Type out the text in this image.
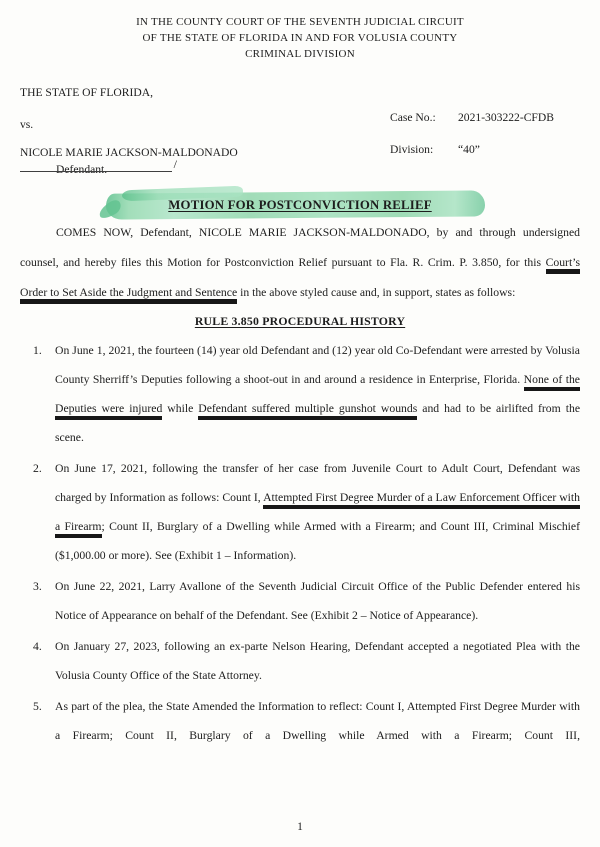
IN THE COUNTY COURT OF THE SEVENTH JUDICIAL CIRCUIT
OF THE STATE OF FLORIDA IN AND FOR VOLUSIA COUNTY
CRIMINAL DIVISION
THE STATE OF FLORIDA,
vs.
NICOLE MARIE JACKSON-MALDONADO
Defendant.	/
Case No.: 2021-303222-CFDB
Division: “40”
MOTION FOR POSTCONVICTION RELIEF

COMES NOW, Defendant, NICOLE MARIE JACKSON-MALDONADO, by and through undersigned counsel, and hereby files this Motion for Postconviction Relief pursuant to Fla. R. Crim. P. 3.850, for this Court’s Order to Set Aside the Judgment and Sentence in the above styled cause and, in support, states as follows:

RULE 3.850 PROCEDURAL HISTORY
1. On June 1, 2021, the fourteen (14) year old Defendant and (12) year old Co-Defendant were arrested by Volusia County Sherriff’s Deputies following a shoot-out in and around a residence in Enterprise, Florida. None of the Deputies were injured while Defendant suffered multiple gunshot wounds and had to be airlifted from the scene.
2. On June 17, 2021, following the transfer of her case from Juvenile Court to Adult Court, Defendant was charged by Information as follows: Count I, Attempted First Degree Murder of a Law Enforcement Officer with a Firearm; Count II, Burglary of a Dwelling while Armed with a Firearm; and Count III, Criminal Mischief ($1,000.00 or more). See (Exhibit 1 – Information).
3. On June 22, 2021, Larry Avallone of the Seventh Judicial Circuit Office of the Public Defender entered his Notice of Appearance on behalf of the Defendant. See (Exhibit 2 – Notice of Appearance).
4. On January 27, 2023, following an ex-parte Nelson Hearing, Defendant accepted a negotiated Plea with the Volusia County Office of the State Attorney.
5. As part of the plea, the State Amended the Information to reflect: Count I, Attempted First Degree Murder with a Firearm; Count II, Burglary of a Dwelling while Armed with a Firearm; Count III,
1
